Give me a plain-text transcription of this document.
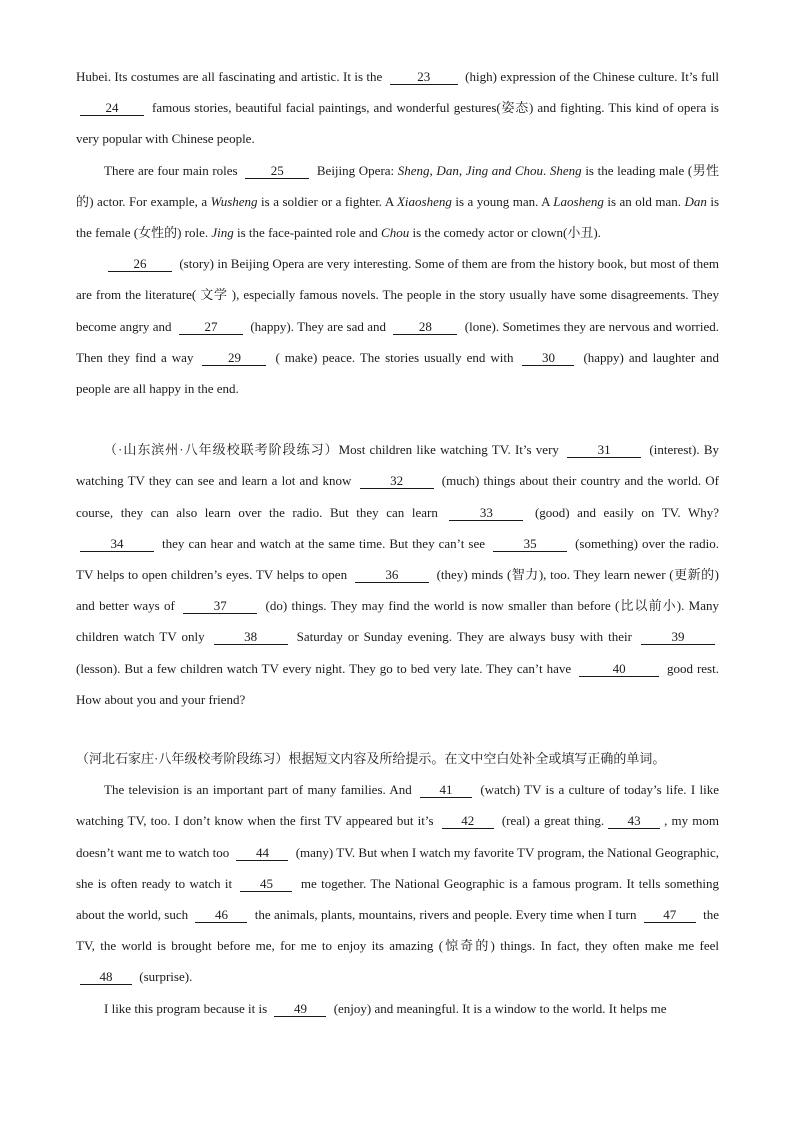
Hubei. Its costumes are all fascinating and artistic. It is the 23 (high) expression of the Chinese culture. It’s full 24 famous stories, beautiful facial paintings, and wonderful gestures(姿态) and fighting. This kind of opera is very popular with Chinese people.

There are four main roles 25 Beijing Opera: Sheng, Dan, Jing and Chou. Sheng is the leading male (男性的) actor. For example, a Wusheng is a soldier or a fighter. A Xiaosheng is a young man. A Laosheng is an old man. Dan is the female (女性的) role. Jing is the face-painted role and Chou is the comedy actor or clown(小丑).

26 (story) in Beijing Opera are very interesting. Some of them are from the history book, but most of them are from the literature( 文学 ), especially famous novels. The people in the story usually have some disagreements. They become angry and 27 (happy). They are sad and 28 (lone). Sometimes they are nervous and worried. Then they find a way 29 ( make) peace. The stories usually end with 30 (happy) and laughter and people are all happy in the end.

（·山东滨州·八年级校联考阶段练习）Most children like watching TV. It’s very	31	(interest). By watching TV they can see and learn a lot and know	32	(much) things about their country and the world. Of course, they can also learn over the radio. But they can learn	33	(good) and easily on TV. Why? 34	they can hear and watch at the same time. But they can’t see	35	(something) over the radio. TV helps to open children’s eyes. TV helps to open	36	(they) minds (智力), too. They learn newer (更新的) and better ways of	37	(do) things. They may find the world is now smaller than before (比以前小). Many children watch TV only	38	Saturday or Sunday evening. They are always busy with their	39 (lesson). But a few children watch TV every night. They go to bed very late. They can’t have	40	good rest. How about you and your friend?

（河北石家庄·八年级校考阶段练习）根据短文内容及所给提示。在文中空白处补全或填写正确的单词。

The television is an important part of many families. And 41 (watch) TV is a culture of today’s life. I like watching TV, too. I don’t know when the first TV appeared but it’s 42 (real) a great thing. 43 , my mom doesn’t want me to watch too 44 (many) TV. But when I watch my favorite TV program, the National Geographic, she is often ready to watch it 45 me together. The National Geographic is a famous program. It tells something about the world, such 46 the animals, plants, mountains, rivers and people. Every time when I turn 47 the TV, the world is brought before me, for me to enjoy its amazing (惊奇的) things. In fact, they often make me feel 48 (surprise).

I like this program because it is 49 (enjoy) and meaningful. It is a window to the world. It helps me
